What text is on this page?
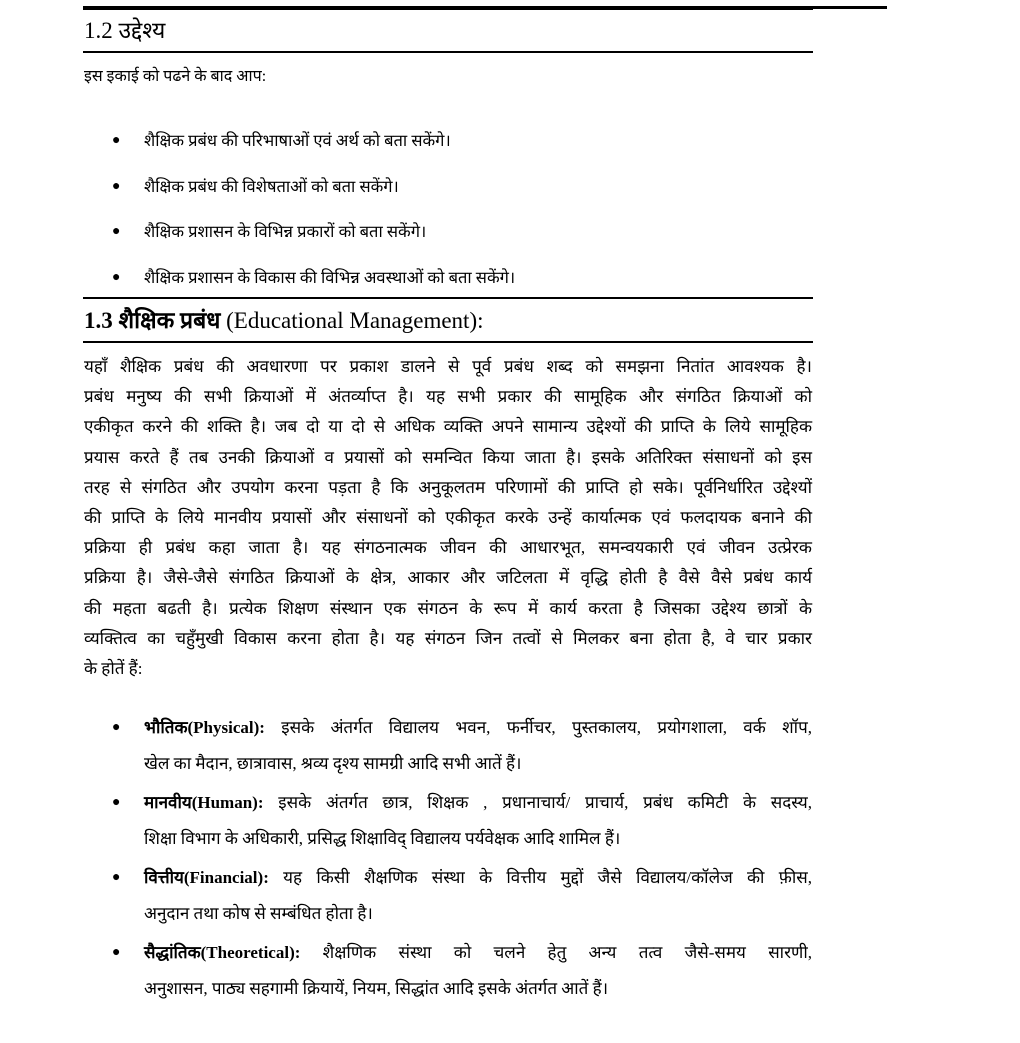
1.2 उद्देश्य
इस इकाई को पढने के बाद आप:
● शैक्षिक प्रबंध की परिभाषाओं एवं अर्थ को बता सकेंगे।
● शैक्षिक प्रबंध की विशेषताओं को बता सकेंगे।
● शैक्षिक प्रशासन के विभिन्न प्रकारों को बता सकेंगे।
● शैक्षिक प्रशासन के विकास की विभिन्न अवस्थाओं को बता सकेंगे।
1.3 शैक्षिक प्रबंध (Educational Management):
यहाँ शैक्षिक प्रबंध की अवधारणा पर प्रकाश डालने से पूर्व प्रबंध शब्द को समझना नितांत आवश्यक है।
प्रबंध मनुष्य की सभी क्रियाओं में अंतर्व्याप्त है। यह सभी प्रकार की सामूहिक और संगठित क्रियाओं को
एकीकृत करने की शक्ति है। जब दो या दो से अधिक व्यक्ति अपने सामान्य उद्देश्यों की प्राप्ति के लिये सामूहिक
प्रयास करते हैं तब उनकी क्रियाओं व प्रयासों को समन्वित किया जाता है। इसके अतिरिक्त संसाधनों को इस
तरह से संगठित और उपयोग करना पड़ता है कि अनुकूलतम परिणामों की प्राप्ति हो सके। पूर्वनिर्धारित उद्देश्यों
की प्राप्ति के लिये मानवीय प्रयासों और संसाधनों को एकीकृत करके उन्हें कार्यात्मक एवं फलदायक बनाने की
प्रक्रिया ही प्रबंध कहा जाता है। यह संगठनात्मक जीवन की आधारभूत, समन्वयकारी एवं जीवन उत्प्रेरक
प्रक्रिया है। जैसे-जैसे संगठित क्रियाओं के क्षेत्र, आकार और जटिलता में वृद्धि होती है वैसे वैसे प्रबंध कार्य
की महता बढती है। प्रत्येक शिक्षण संस्थान एक संगठन के रूप में कार्य करता है जिसका उद्देश्य छात्रों के
व्यक्तित्व का चहुँमुखी विकास करना होता है। यह संगठन जिन तत्वों से मिलकर बना होता है, वे चार प्रकार
के होतें हैं:
● भौतिक(Physical): इसके अंतर्गत विद्यालय भवन, फर्नीचर, पुस्तकालय, प्रयोगशाला, वर्क शॉप,
खेल का मैदान, छात्रावास, श्रव्य दृश्य सामग्री आदि सभी आतें हैं।
● मानवीय(Human): इसके अंतर्गत छात्र, शिक्षक , प्रधानाचार्य/ प्राचार्य, प्रबंध कमिटी के सदस्य,
शिक्षा विभाग के अधिकारी, प्रसिद्ध शिक्षाविद् विद्यालय पर्यवेक्षक आदि शामिल हैं।
● वित्तीय(Financial): यह किसी शैक्षणिक संस्था के वित्तीय मुद्दों जैसे विद्यालय/कॉलेज की फ़ीस,
अनुदान तथा कोष से सम्बंधित होता है।
● सैद्धांतिक(Theoretical): शैक्षणिक संस्था को चलने हेतु अन्य तत्व जैसे-समय सारणी,
अनुशासन, पाठ्य सहगामी क्रियायें, नियम, सिद्धांत आदि इसके अंतर्गत आतें हैं।
